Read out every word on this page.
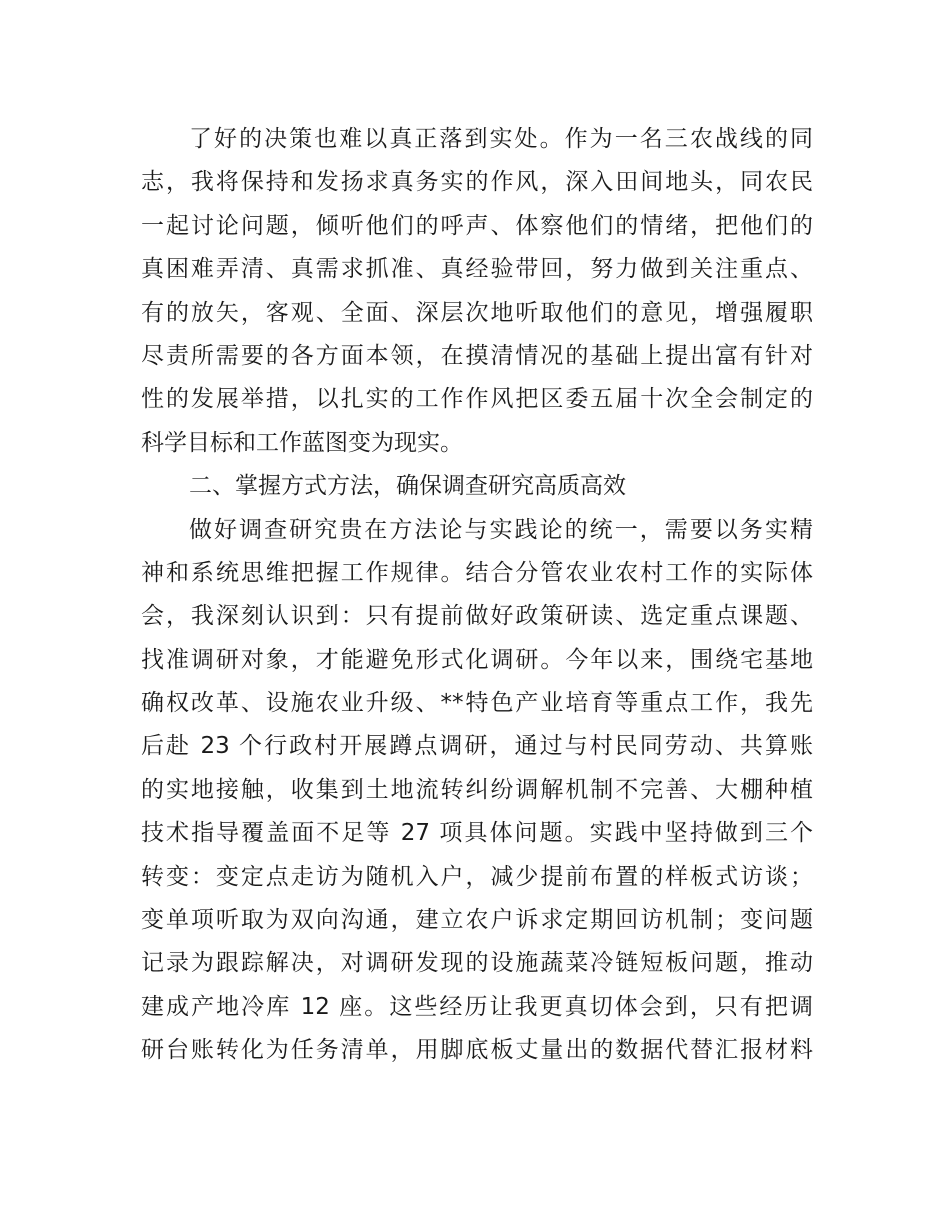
了好的决策也难以真正落到实处。作为一名三农战线的同
志，我将保持和发扬求真务实的作风，深入田间地头，同农民
一起讨论问题，倾听他们的呼声、体察他们的情绪，把他们的
真困难弄清、真需求抓准、真经验带回，努力做到关注重点、
有的放矢，客观、全面、深层次地听取他们的意见，增强履职
尽责所需要的各方面本领，在摸清情况的基础上提出富有针对
性的发展举措，以扎实的工作作风把区委五届十次全会制定的
科学目标和工作蓝图变为现实。
二、掌握方式方法，确保调查研究高质高效
做好调查研究贵在方法论与实践论的统一，需要以务实精
神和系统思维把握工作规律。结合分管农业农村工作的实际体
会，我深刻认识到：只有提前做好政策研读、选定重点课题、
找准调研对象，才能避免形式化调研。今年以来，围绕宅基地
确权改革、设施农业升级、**特色产业培育等重点工作，我先
后赴 23 个行政村开展蹲点调研，通过与村民同劳动、共算账
的实地接触，收集到土地流转纠纷调解机制不完善、大棚种植
技术指导覆盖面不足等 27 项具体问题。实践中坚持做到三个
转变：变定点走访为随机入户，减少提前布置的样板式访谈；
变单项听取为双向沟通，建立农户诉求定期回访机制；变问题
记录为跟踪解决，对调研发现的设施蔬菜冷链短板问题，推动
建成产地冷库 12 座。这些经历让我更真切体会到，只有把调
研台账转化为任务清单，用脚底板丈量出的数据代替汇报材料
